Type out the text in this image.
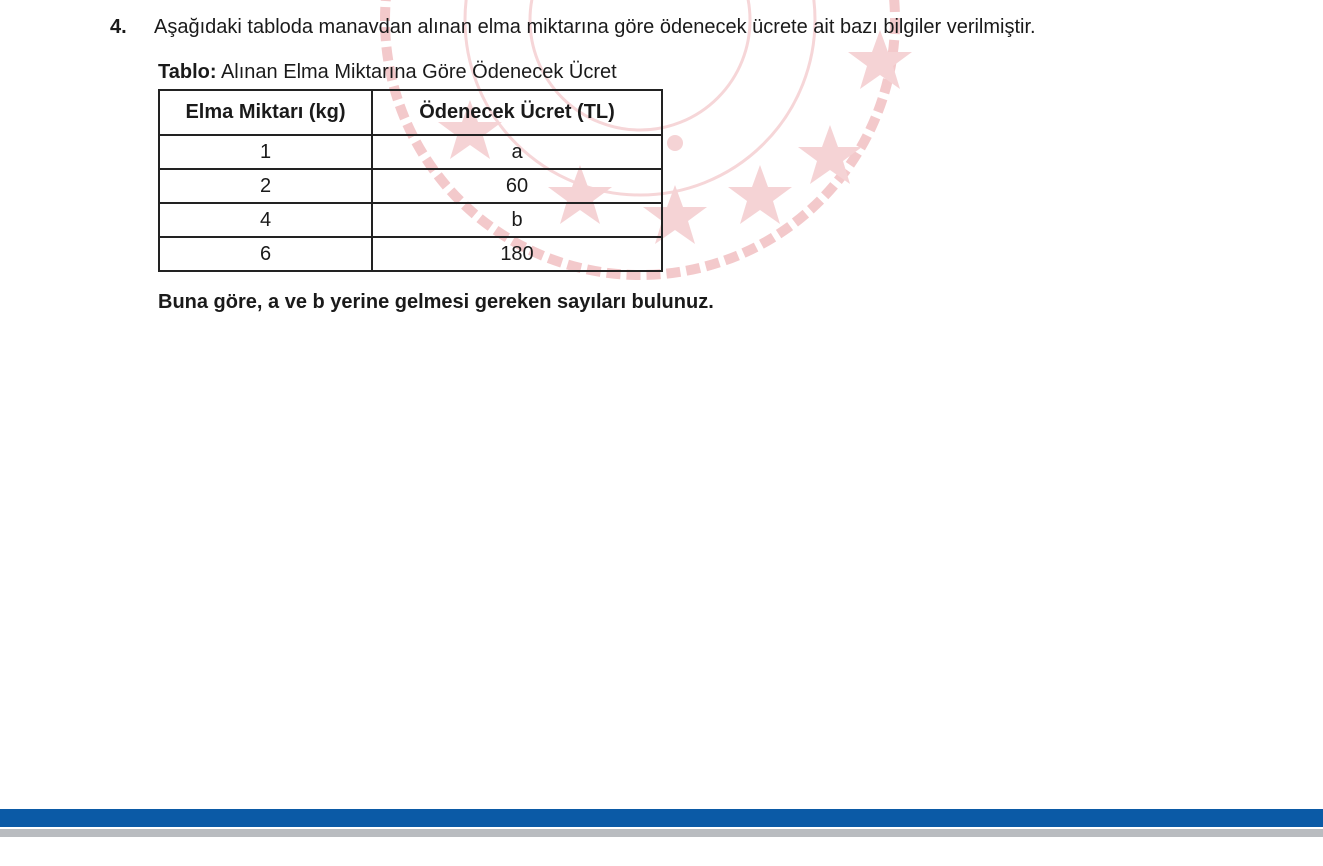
4. Aşağıdaki tabloda manavdan alınan elma miktarına göre ödenecek ücrete ait bazı bilgiler verilmiştir.
Tablo: Alınan Elma Miktarına Göre Ödenecek Ücret
Elma Miktarı (kg)	Ödenecek Ücret (TL)
1	a
2	60
4	b
6	180
Buna göre, a ve b yerine gelmesi gereken sayıları bulunuz.
